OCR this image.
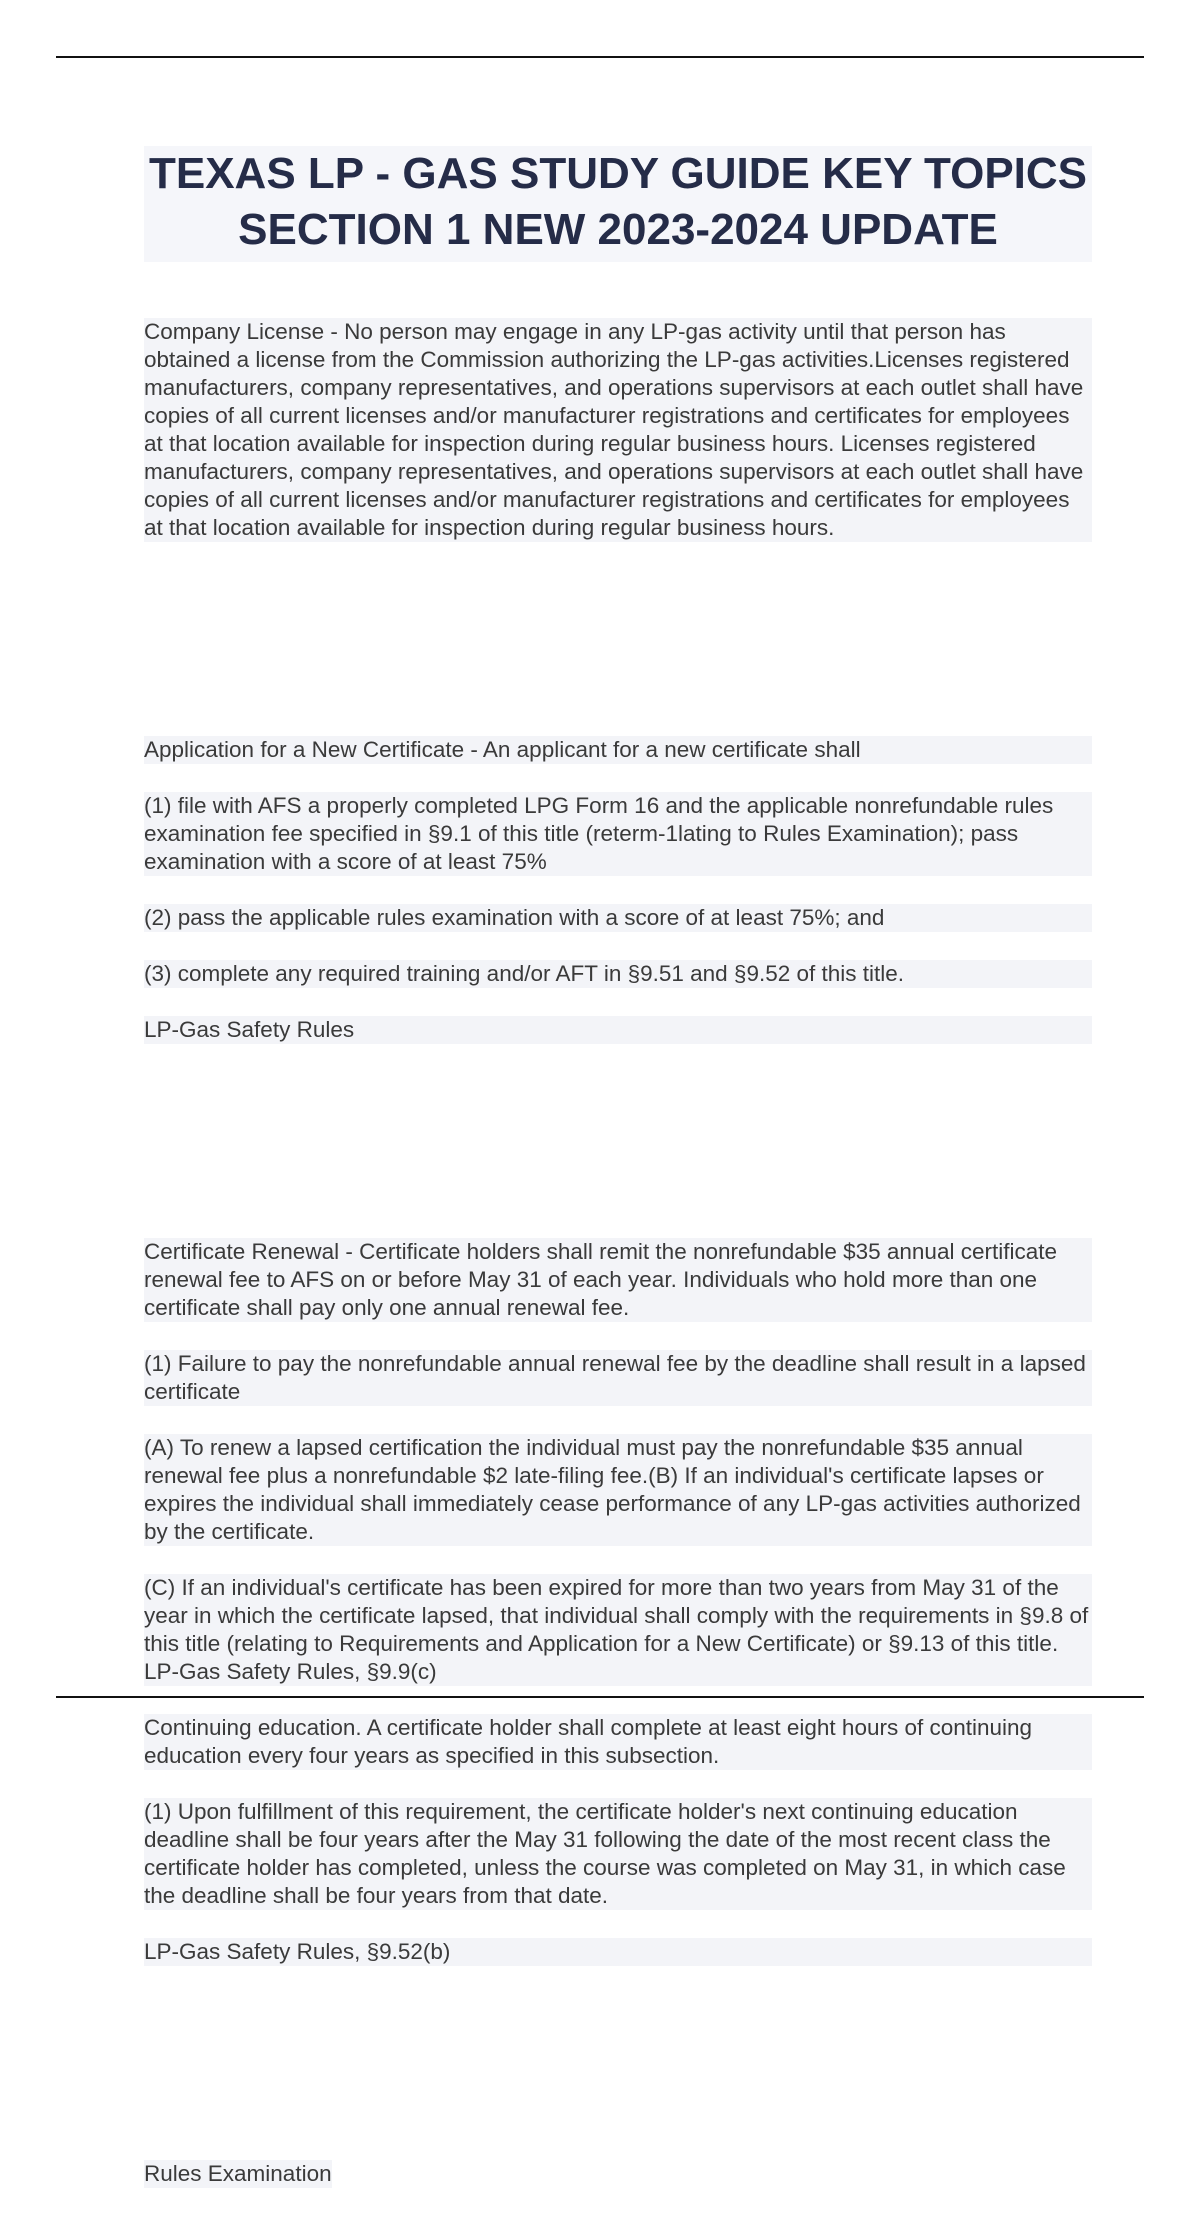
TEXAS LP - GAS STUDY GUIDE KEY TOPICS SECTION 1 NEW 2023-2024 UPDATE

Company License - No person may engage in any LP-gas activity until that person has obtained a license from the Commission authorizing the LP-gas activities.Licenses registered manufacturers, company representatives, and operations supervisors at each outlet shall have copies of all current licenses and/or manufacturer registrations and certificates for employees at that location available for inspection during regular business hours. Licenses registered manufacturers, company representatives, and operations supervisors at each outlet shall have copies of all current licenses and/or manufacturer registrations and certificates for employees at that location available for inspection during regular business hours.

Application for a New Certificate - An applicant for a new certificate shall

(1) file with AFS a properly completed LPG Form 16 and the applicable nonrefundable rules examination fee specified in §9.1 of this title (reterm-1lating to Rules Examination); pass examination with a score of at least 75%

(2) pass the applicable rules examination with a score of at least 75%; and

(3) complete any required training and/or AFT in §9.51 and §9.52 of this title.

LP-Gas Safety Rules

Certificate Renewal - Certificate holders shall remit the nonrefundable $35 annual certificate renewal fee to AFS on or before May 31 of each year. Individuals who hold more than one certificate shall pay only one annual renewal fee.

(1) Failure to pay the nonrefundable annual renewal fee by the deadline shall result in a lapsed certificate

(A) To renew a lapsed certification the individual must pay the nonrefundable $35 annual renewal fee plus a nonrefundable $2 late-filing fee.(B) If an individual's certificate lapses or expires the individual shall immediately cease performance of any LP-gas activities authorized by the certificate.

(C) If an individual's certificate has been expired for more than two years from May 31 of the year in which the certificate lapsed, that individual shall comply with the requirements in §9.8 of this title (relating to Requirements and Application for a New Certificate) or §9.13 of this title. LP-Gas Safety Rules, §9.9(c)

Continuing education. A certificate holder shall complete at least eight hours of continuing education every four years as specified in this subsection.

(1) Upon fulfillment of this requirement, the certificate holder's next continuing education deadline shall be four years after the May 31 following the date of the most recent class the certificate holder has completed, unless the course was completed on May 31, in which case the deadline shall be four years from that date.

LP-Gas Safety Rules, §9.52(b)

Rules Examination
